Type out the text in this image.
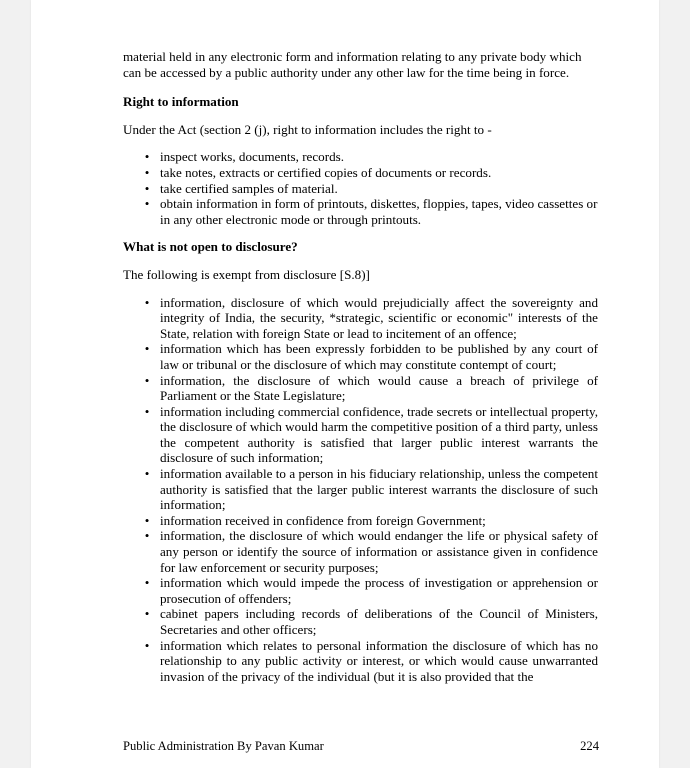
material held in any electronic form and information relating to any private body which can be accessed by a public authority under any other law for the time being in force.

Right to information

Under the Act (section 2 (j), right to information includes the right to -

• inspect works, documents, records.
• take notes, extracts or certified copies of documents or records.
• take certified samples of material.
• obtain information in form of printouts, diskettes, floppies, tapes, video cassettes or in any other electronic mode or through printouts.
What is not open to disclosure?

The following is exempt from disclosure [S.8)]

• information, disclosure of which would prejudicially affect the sovereignty and integrity of India, the security, *strategic, scientific or economic" interests of the State, relation with foreign State or lead to incitement of an offence;
• information which has been expressly forbidden to be published by any court of law or tribunal or the disclosure of which may constitute contempt of court;
• information, the disclosure of which would cause a breach of privilege of Parliament or the State Legislature;
• information including commercial confidence, trade secrets or intellectual property, the disclosure of which would harm the competitive position of a third party, unless the competent authority is satisfied that larger public interest warrants the disclosure of such information;
• information available to a person in his fiduciary relationship, unless the competent authority is satisfied that the larger public interest warrants the disclosure of such information;
• information received in confidence from foreign Government;
• information, the disclosure of which would endanger the life or physical safety of any person or identify the source of information or assistance given in confidence for law enforcement or security purposes;
• information which would impede the process of investigation or apprehension or prosecution of offenders;
• cabinet papers including records of deliberations of the Council of Ministers, Secretaries and other officers;
• information which relates to personal information the disclosure of which has no relationship to any public activity or interest, or which would cause unwarranted invasion of the privacy of the individual (but it is also provided that the
Public Administration By Pavan Kumar	224
